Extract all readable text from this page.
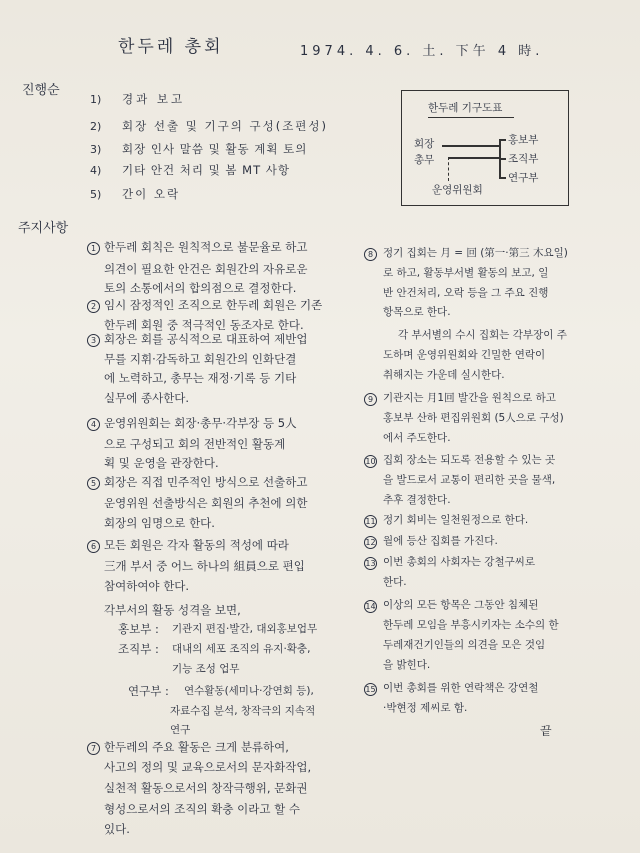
한두레 총회	1974. 4. 6. 土. 下午 4 時.
진행순
1) 경과 보고
2) 회장 선출 및 기구의 구성(조편성)
3) 회장 인사 말씀 및 활동 계획 토의
4) 기타 안건 처리 및 봄 MT 사항
5) 간이 오락
한두레 기구도표
회장
총무
홍보부
조직부
연구부
운영위원회
주지사항
1 한두레 회칙은 원칙적으로 불문율로 하고
의견이 필요한 안건은 회원간의 자유로운
토의 소통에서의 합의점으로 결정한다.
2 임시 잠정적인 조직으로 한두레 회원은 기존
한두레 회원 중 적극적인 동조자로 한다.
3 회장은 회를 공식적으로 대표하여 제반업
무를 지휘·감독하고 회원간의 인화단결
에 노력하고, 총무는 재정·기록 등 기타
실무에 종사한다.
4 운영위원회는 회장·총무·각부장 등 5人
으로 구성되고 회의 전반적인 활동계
획 및 운영을 관장한다.
5 회장은 직접 민주적인 방식으로 선출하고
운영위원 선출방식은 회원의 추천에 의한
회장의 임명으로 한다.
6 모든 회원은 각자 활동의 적성에 따라
三개 부서 중 어느 하나의 組員으로 편입
참여하여야 한다.
각부서의 활동 성격을 보면,
홍보부 : 기관지 편집·발간, 대외홍보업무
조직부 : 대내의 세포 조직의 유지·확충,
기능 조성 업무
연구부 : 연수활동(세미나·강연회 등),
자료수집 분석, 창작극의 지속적
연구
7 한두레의 주요 활동은 크게 분류하여,
사고의 정의 및 교육으로서의 문자화작업,
실천적 활동으로서의 창작극행위, 문화권
형성으로서의 조직의 확충 이라고 할 수
있다.
8 정기 집회는 月 = 回 (第一·第三 木요일)
로 하고, 활동부서별 활동의 보고, 일
반 안건처리, 오락 등을 그 주요 진행
항목으로 한다.
각 부서별의 수시 집회는 각부장이 주
도하며 운영위원회와 긴밀한 연락이
취해지는 가운데 실시한다.
9 기관지는 月1回 발간을 원칙으로 하고
홍보부 산하 편집위원회 (5人으로 구성)
에서 주도한다.
10 집회 장소는 되도록 전용할 수 있는 곳
을 발드로서 교통이 편리한 곳을 물색,
추후 결정한다.
11 정기 회비는 일천원정으로 한다.
12 월에 등산 집회를 가진다.
13 이번 총회의 사회자는 강철구씨로
한다.
14 이상의 모든 항목은 그동안 침체된
한두레 모임을 부흥시키자는 소수의 한
두레재건기인들의 의견을 모은 것임
을 밝힌다.
15 이번 총회를 위한 연락책은 강연철
·박현정 제씨로 함.
끝
